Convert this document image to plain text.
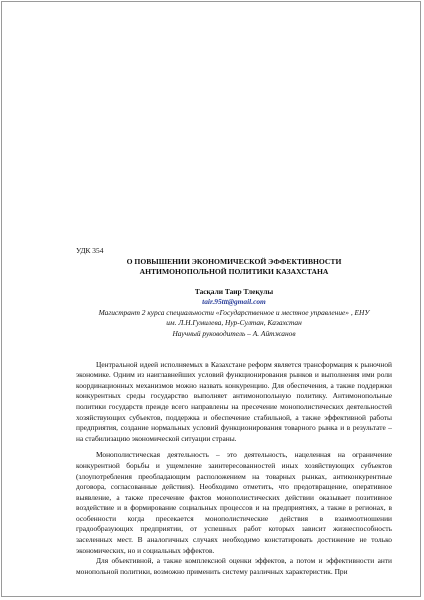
УДК 354

О ПОВЫШЕНИИ ЭКОНОМИЧЕСКОЙ ЭФФЕКТИВНОСТИ
АНТИМОНОПОЛЬНОЙ ПОЛИТИКИ КАЗАХСТАНА
Тасқали Таир Тлеқулы
tair.95ttt@gmail.com
Магистрант 2 курса специальности «Государственное и местное управление» , ЕНУ
им. Л.Н.Гумилева, Нур-Султан, Казахстан
Научный руководитель – А. Айтжанов

Центральной идеей исполняемых в Казахстане реформ является трансформация к рыночной экономике. Одним из наиглавнейших условий функционирования рынков и выполнения ими роли координационных механизмов можно назвать конкуренцию. Для обеспечения, а также поддержки конкурентных среды государство выполняет антимонопольную политику. Антимонопольные политики государств прежде всего направлены на пресечение монополистических деятельностей хозяйствующих субъектов, поддержка и обеспечение стабильной, а также эффективной работы предприятия, создание нормальных условий функционирования товарного рынка и в результате – на стабилизацию экономической ситуации страны.

Монополистическая деятельность – это деятельность, нацеленная на ограничение конкурентной борьбы и ущемление заинтересованностей иных хозяйствующих субъектов (злоупотребления преобладающим расположением на товарных рынках, антиконкурентные договора, согласованные действия). Необходимо отметить, что предотвращение, оперативное выявление, а также пресечение фактов монополистических действии оказывает позитивное воздействие и в формирование социальных процессов и на предприятиях, а также в регионах, в особенности когда пресекается монополистические действия в взаимоотношении градообразующих предприятии, от успешных работ которых зависит жизнеспособность заселенных мест. В аналогичных случаях необходимо констатировать достижение не только экономических, но и социальных эффектов.

Для объективной, а также комплексной оценки эффектов, а потом и эффективности анти монопольной политики, возможно применить систему различных характеристик. При
